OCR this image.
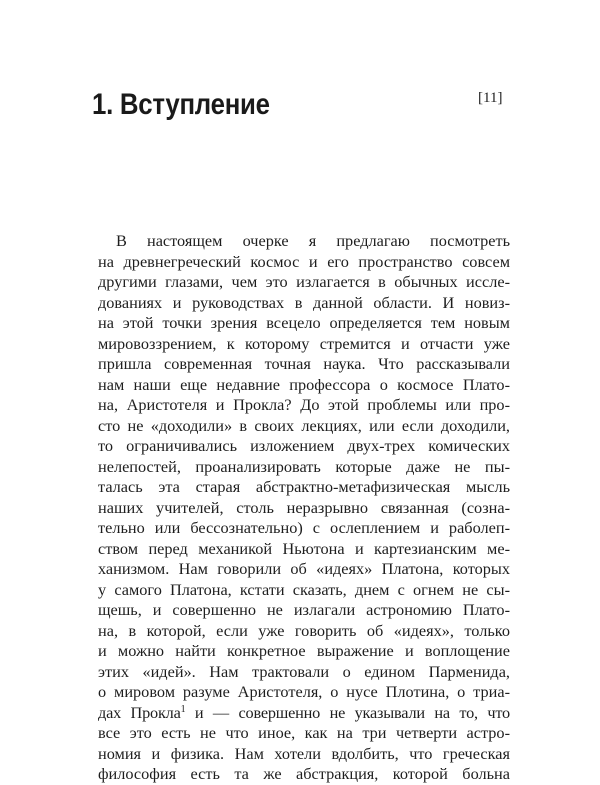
1. Вступление	[11]
В настоящем очерке я предлагаю посмотреть
на древнегреческий космос и его пространство совсем
другими глазами, чем это излагается в обычных иссле-
дованиях и руководствах в данной области. И новиз-
на этой точки зрения всецело определяется тем новым
мировоззрением, к которому стремится и отчасти уже
пришла современная точная наука. Что рассказывали
нам наши еще недавние профессора о космосе Плато-
на, Аристотеля и Прокла? До этой проблемы или про-
сто не «доходили» в своих лекциях, или если доходили,
то ограничивались изложением двух-трех комических
нелепостей, проанализировать которые даже не пы-
талась эта старая абстрактно-метафизическая мысль
наших учителей, столь неразрывно связанная (созна-
тельно или бессознательно) с ослеплением и раболеп-
ством перед механикой Ньютона и картезианским ме-
ханизмом. Нам говорили об «идеях» Платона, которых
у самого Платона, кстати сказать, днем с огнем не сы-
щешь, и совершенно не излагали астрономию Плато-
на, в которой, если уже говорить об «идеях», только
и можно найти конкретное выражение и воплощение
этих «идей». Нам трактовали о едином Парменида,
о мировом разуме Аристотеля, о нусе Плотина, о триа-
дах Прокла$^1$ и — совершенно не указывали на то, что
все это есть не что иное, как на три четверти астро-
номия и физика. Нам хотели вдолбить, что греческая
философия есть та же абстракция, которой больна
